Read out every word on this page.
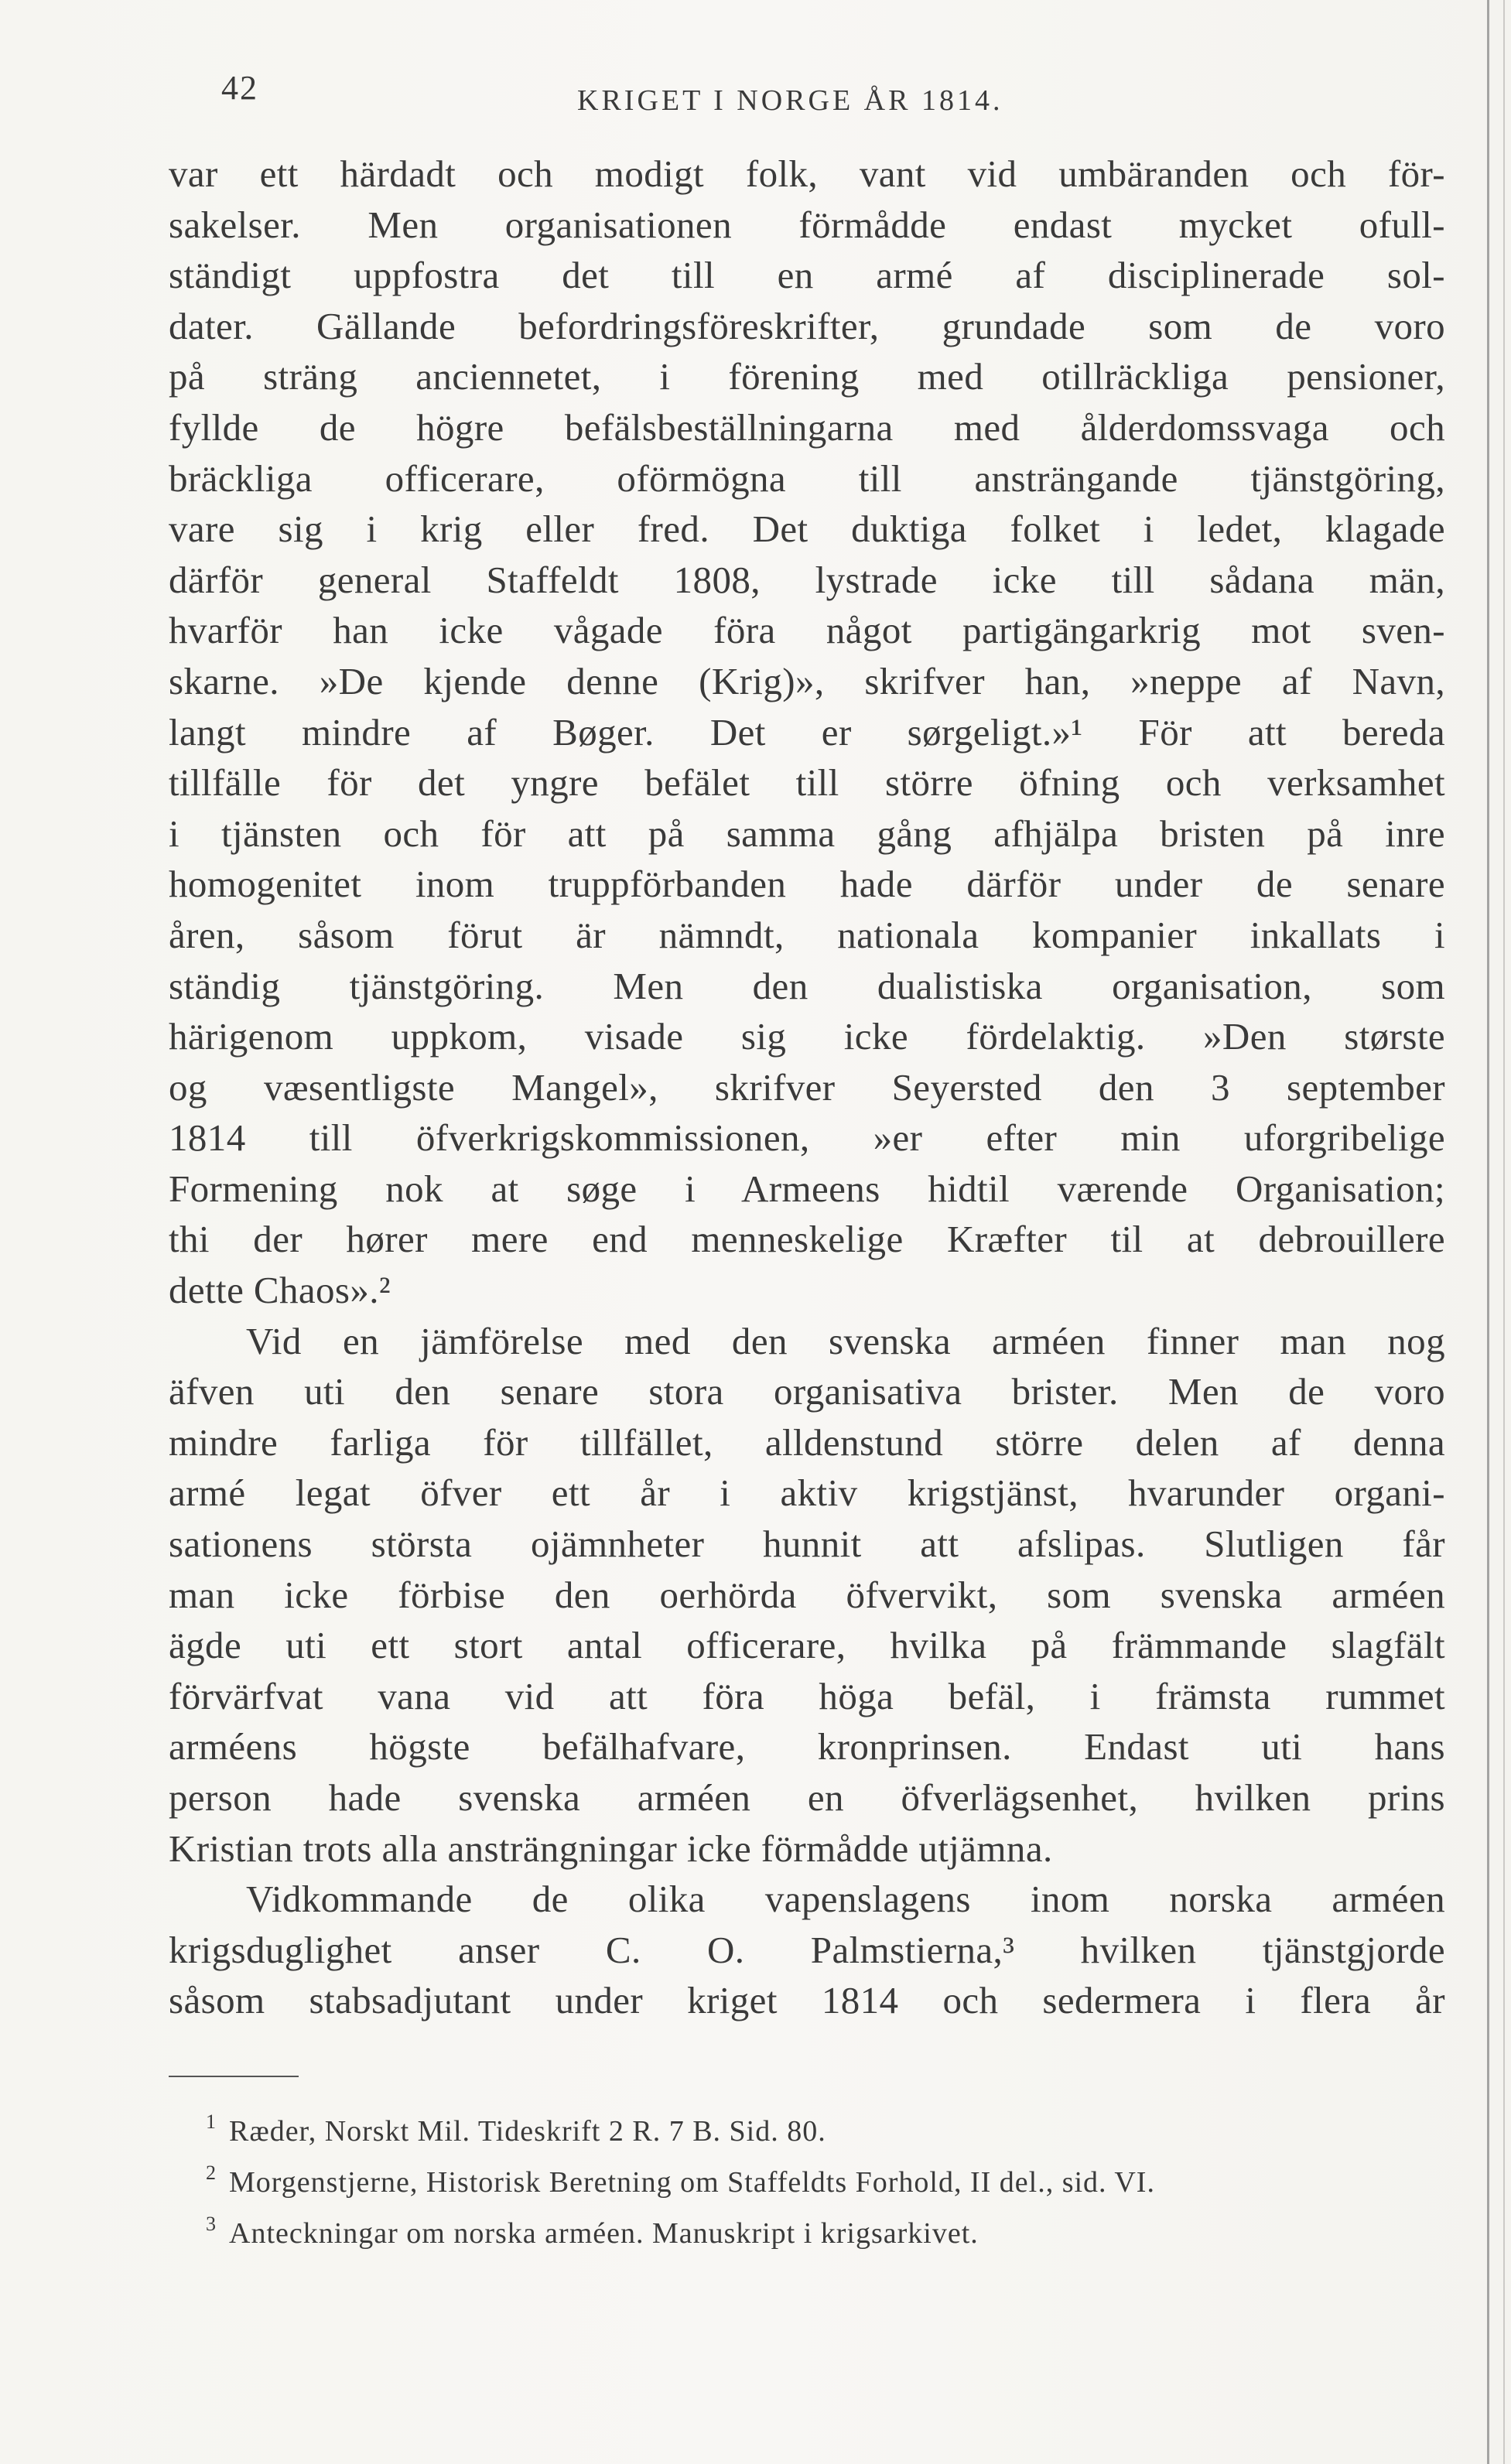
42	KRIGET I NORGE ÅR 1814.
var ett härdadt och modigt folk, vant vid umbäranden och för-
sakelser. Men organisationen förmådde endast mycket ofull-
ständigt uppfostra det till en armé af disciplinerade sol-
dater. Gällande befordringsföreskrifter, grundade som de voro
på sträng anciennetet, i förening med otillräckliga pensioner,
fyllde de högre befälsbeställningarna med ålderdomssvaga och
bräckliga officerare, oförmögna till ansträngande tjänstgöring,
vare sig i krig eller fred. Det duktiga folket i ledet, klagade
därför general Staffeldt 1808, lystrade icke till sådana män,
hvarför han icke vågade föra något partigängarkrig mot sven-
skarne. »De kjende denne (Krig)», skrifver han, »neppe af Navn,
langt mindre af Bøger. Det er sørgeligt.»¹ För att bereda
tillfälle för det yngre befälet till större öfning och verksamhet
i tjänsten och för att på samma gång afhjälpa bristen på inre
homogenitet inom truppförbanden hade därför under de senare
åren, såsom förut är nämndt, nationala kompanier inkallats i
ständig tjänstgöring. Men den dualistiska organisation, som
härigenom uppkom, visade sig icke fördelaktig. »Den største
og væsentligste Mangel», skrifver Seyersted den 3 september
1814 till öfverkrigskommissionen, »er efter min uforgribelige
Formening nok at søge i Armeens hidtil værende Organisation;
thi der hører mere end menneskelige Kræfter til at debrouillere
dette Chaos».²
Vid en jämförelse med den svenska arméen finner man nog
äfven uti den senare stora organisativa brister. Men de voro
mindre farliga för tillfället, alldenstund större delen af denna
armé legat öfver ett år i aktiv krigstjänst, hvarunder organi-
sationens största ojämnheter hunnit att afslipas. Slutligen får
man icke förbise den oerhörda öfvervikt, som svenska arméen
ägde uti ett stort antal officerare, hvilka på främmande slagfält
förvärfvat vana vid att föra höga befäl, i främsta rummet
arméens högste befälhafvare, kronprinsen. Endast uti hans
person hade svenska arméen en öfverlägsenhet, hvilken prins
Kristian trots alla ansträngningar icke förmådde utjämna.
Vidkommande de olika vapenslagens inom norska arméen
krigsduglighet anser C. O. Palmstierna,³ hvilken tjänstgjorde
såsom stabsadjutant under kriget 1814 och sedermera i flera år
1 Ræder, Norskt Mil. Tideskrift 2 R. 7 B. Sid. 80.
2 Morgenstjerne, Historisk Beretning om Staffeldts Forhold, II del., sid. VI.
3 Anteckningar om norska arméen. Manuskript i krigsarkivet.
